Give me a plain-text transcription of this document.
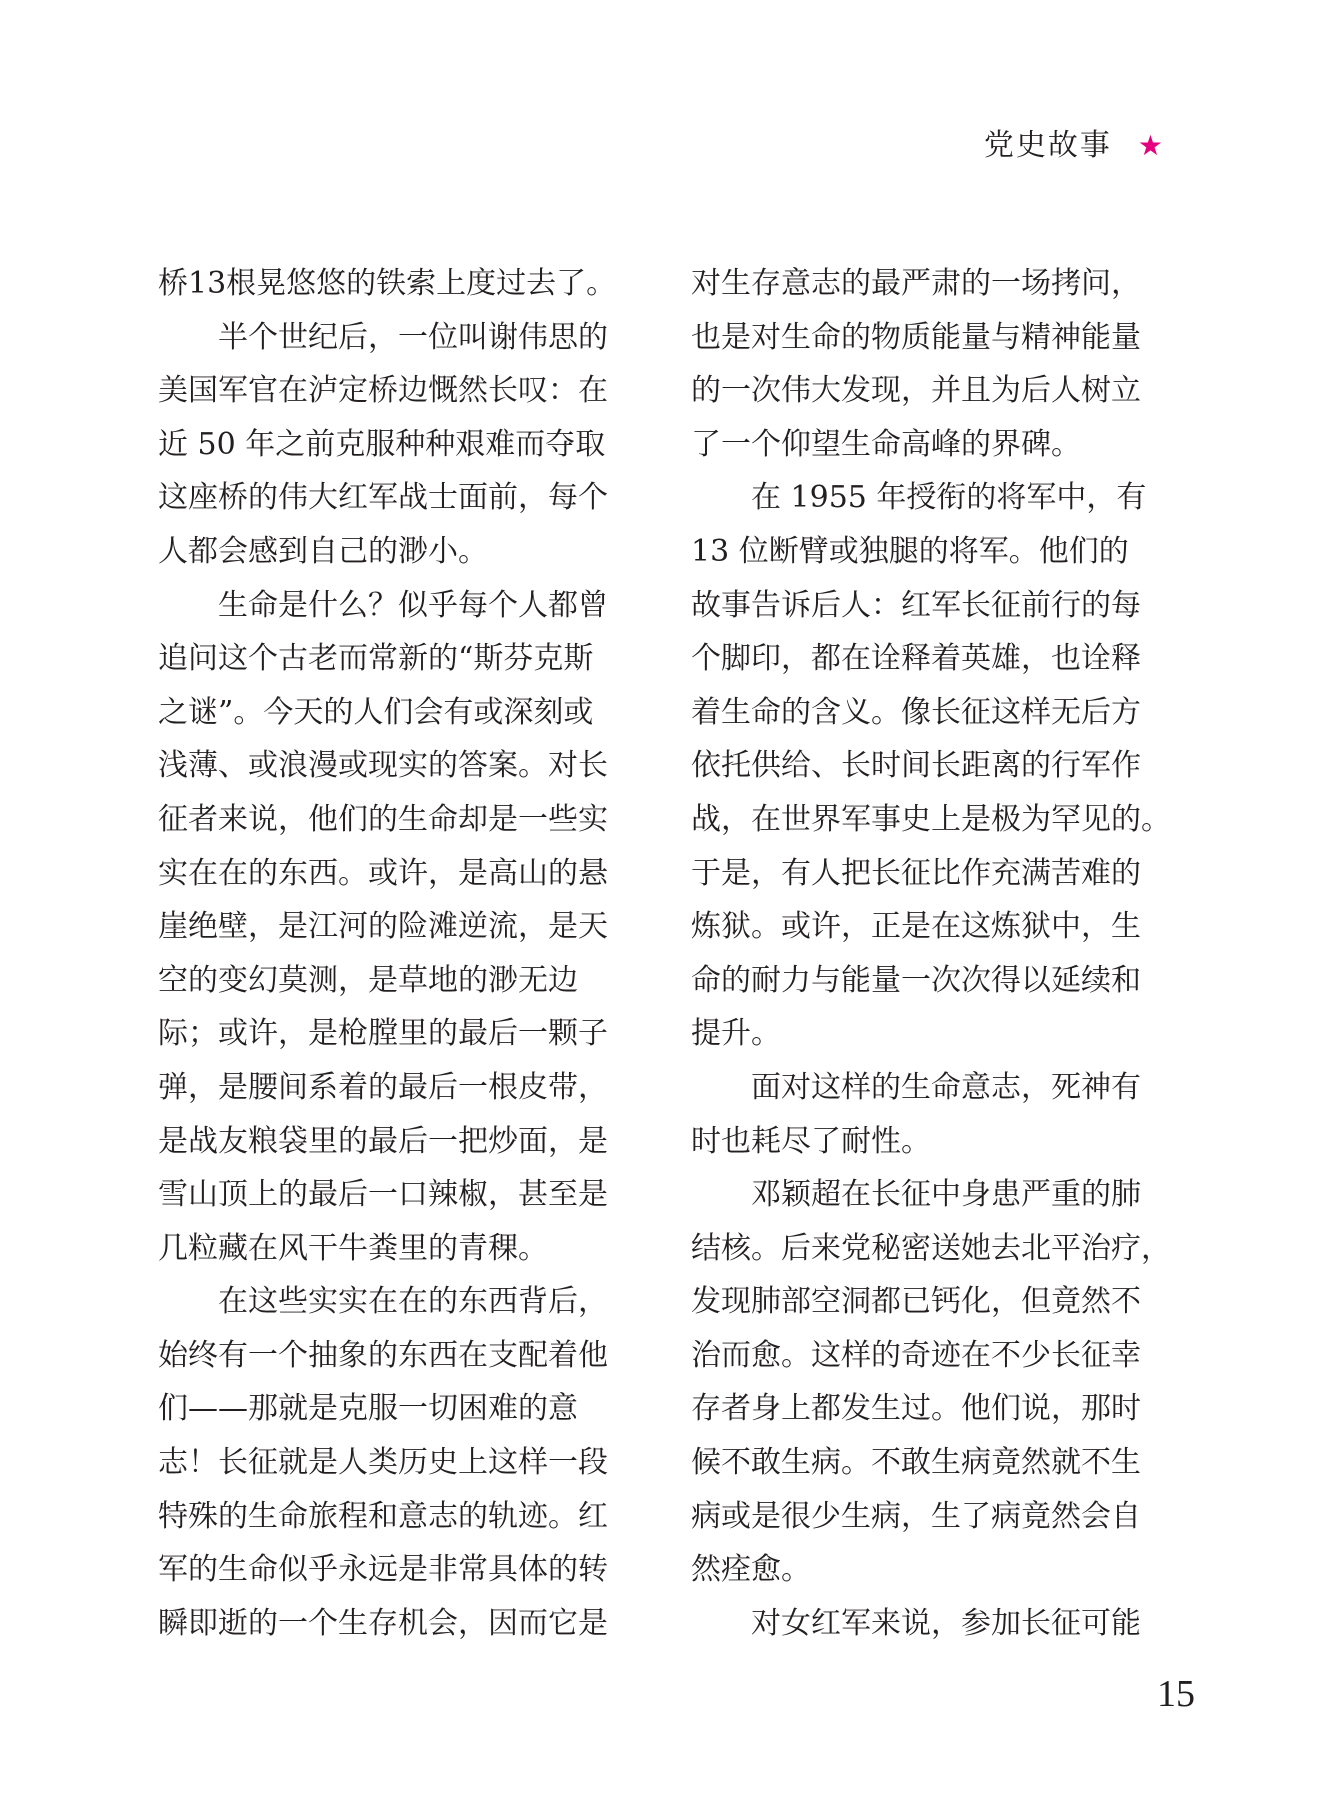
党史故事 ★
桥13根晃悠悠的铁索上度过去了。
半个世纪后，一位叫谢伟思的
美国军官在泸定桥边慨然长叹：在
近 50 年之前克服种种艰难而夺取
这座桥的伟大红军战士面前，每个
人都会感到自己的渺小。
生命是什么？似乎每个人都曾
追问这个古老而常新的“斯芬克斯
之谜”。今天的人们会有或深刻或
浅薄、或浪漫或现实的答案。对长
征者来说，他们的生命却是一些实
实在在的东西。或许，是高山的悬
崖绝壁，是江河的险滩逆流，是天
空的变幻莫测，是草地的渺无边
际；或许，是枪膛里的最后一颗子
弹，是腰间系着的最后一根皮带，
是战友粮袋里的最后一把炒面，是
雪山顶上的最后一口辣椒，甚至是
几粒藏在风干牛粪里的青稞。
在这些实实在在的东西背后，
始终有一个抽象的东西在支配着他
们——那就是克服一切困难的意
志！长征就是人类历史上这样一段
特殊的生命旅程和意志的轨迹。红
军的生命似乎永远是非常具体的转
瞬即逝的一个生存机会，因而它是
对生存意志的最严肃的一场拷问，
也是对生命的物质能量与精神能量
的一次伟大发现，并且为后人树立
了一个仰望生命高峰的界碑。
在 1955 年授衔的将军中，有
13 位断臂或独腿的将军。他们的
故事告诉后人：红军长征前行的每
个脚印，都在诠释着英雄，也诠释
着生命的含义。像长征这样无后方
依托供给、长时间长距离的行军作
战，在世界军事史上是极为罕见的。
于是，有人把长征比作充满苦难的
炼狱。或许，正是在这炼狱中，生
命的耐力与能量一次次得以延续和
提升。
面对这样的生命意志，死神有
时也耗尽了耐性。
邓颖超在长征中身患严重的肺
结核。后来党秘密送她去北平治疗，
发现肺部空洞都已钙化，但竟然不
治而愈。这样的奇迹在不少长征幸
存者身上都发生过。他们说，那时
候不敢生病。不敢生病竟然就不生
病或是很少生病，生了病竟然会自
然痊愈。
对女红军来说，参加长征可能
15
